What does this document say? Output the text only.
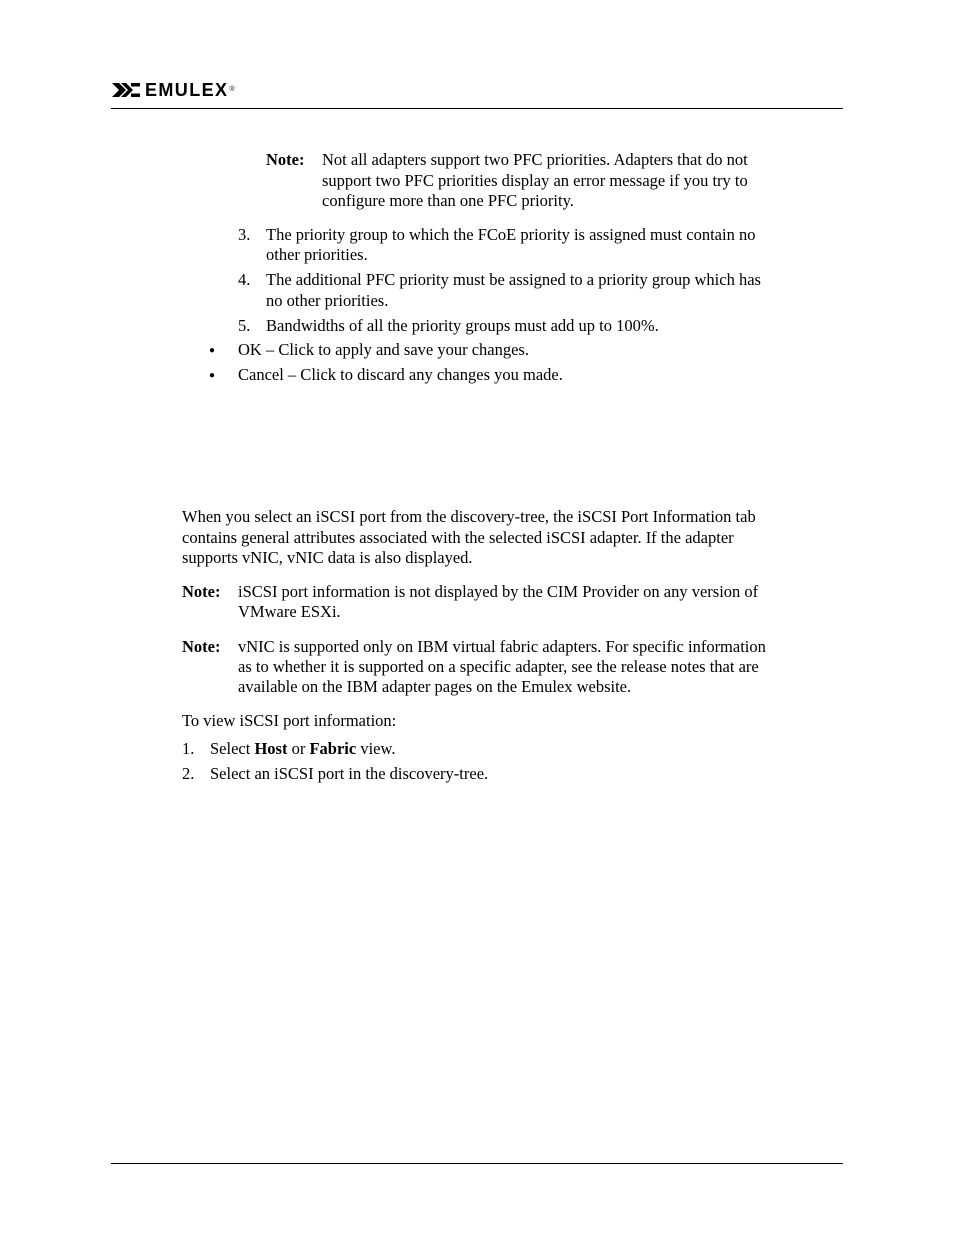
EMULEX ®
Note: Not all adapters support two PFC priorities. Adapters that do not
support two PFC priorities display an error message if you try to
configure more than one PFC priority.
3. The priority group to which the FCoE priority is assigned must contain no
other priorities.
4. The additional PFC priority must be assigned to a priority group which has
no other priorities.
5. Bandwidths of all the priority groups must add up to 100%.
● OK – Click to apply and save your changes.
● Cancel – Click to discard any changes you made.
When you select an iSCSI port from the discovery-tree, the iSCSI Port Information tab
contains general attributes associated with the selected iSCSI adapter. If the adapter
supports vNIC, vNIC data is also displayed.
Note: iSCSI port information is not displayed by the CIM Provider on any version of
VMware ESXi.
Note: vNIC is supported only on IBM virtual fabric adapters. For specific information
as to whether it is supported on a specific adapter, see the release notes that are
available on the IBM adapter pages on the Emulex website.
To view iSCSI port information:
1. Select Host or Fabric view.
2. Select an iSCSI port in the discovery-tree.
